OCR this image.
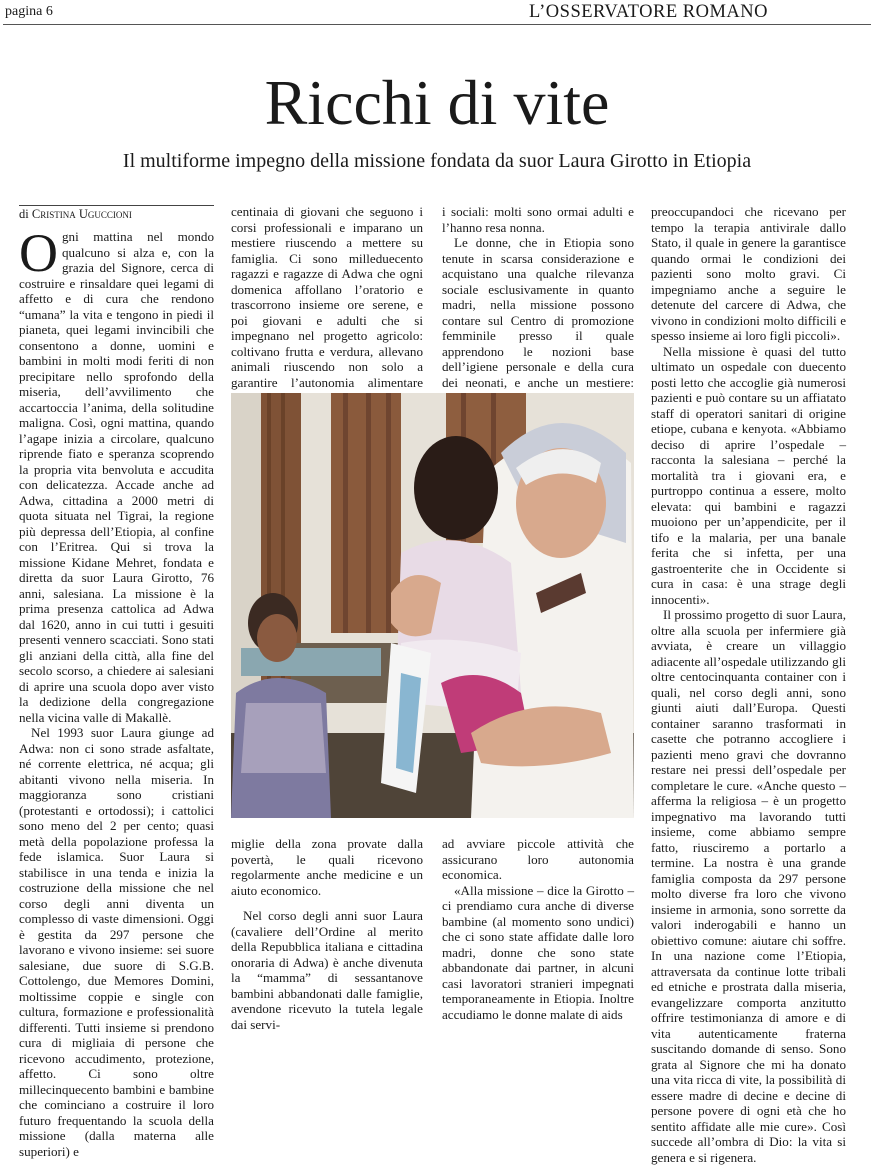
pagina 6	L’OSSERVATORE ROMANO
Ricchi di vite
Il multiforme impegno della missione fondata da suor Laura Girotto in Etiopia
di Cristina Uguccioni

Ogni mattina nel mondo qualcuno si alza e, con la grazia del Signore, cerca di costruire e rinsaldare quei legami di affetto e di cura che rendono “umana” la vita e tengono in piedi il pianeta, quei legami invincibili che consentono a donne, uomini e bambini in molti modi feriti di non precipitare nello sprofondo della miseria, dell’avvilimento che accartoccia l’anima, della solitudine maligna. Così, ogni mattina, quando l’agape inizia a circolare, qualcuno riprende fiato e speranza scoprendo la propria vita benvoluta e accudita con delicatezza. Accade anche ad Adwa, cittadina a 2000 metri di quota situata nel Tigrai, la regione più depressa dell’Etiopia, al confine con l’Eritrea. Qui si trova la missione Kidane Mehret, fondata e diretta da suor Laura Girotto, 76 anni, salesiana. La missione è la prima presenza cattolica ad Adwa dal 1620, anno in cui tutti i gesuiti presenti vennero scacciati. Sono stati gli anziani della città, alla fine del secolo scorso, a chiedere ai salesiani di aprire una scuola dopo aver visto la dedizione della congregazione nella vicina valle di Makallè.

Nel 1993 suor Laura giunge ad Adwa: non ci sono strade asfaltate, né corrente elettrica, né acqua; gli abitanti vivono nella miseria. In maggioranza sono cristiani (protestanti e ortodossi); i cattolici sono meno del 2 per cento; quasi metà della popolazione professa la fede islamica. Suor Laura si stabilisce in una tenda e inizia la costruzione della missione che nel corso degli anni diventa un complesso di vaste dimensioni. Oggi è gestita da 297 persone che lavorano e vivono insieme: sei suore salesiane, due suore di S.G.B. Cottolengo, due Memores Domini, moltissime coppie e single con cultura, formazione e professionalità differenti. Tutti insieme si prendono cura di migliaia di persone che ricevono accudimento, protezione, affetto. Ci sono oltre millecinquecento bambini e bambine che cominciano a costruire il loro futuro frequentando la scuola della missione (dalla materna alle superiori) e

centinaia di giovani che seguono i corsi professionali e imparano un mestiere riuscendo a mettere su famiglia. Ci sono milleduecento ragazzi e ragazze di Adwa che ogni domenica affollano l’oratorio e trascorrono insieme ore serene, e poi giovani e adulti che si impegnano nel progetto agricolo: coltivano frutta e verdura, allevano animali riuscendo non solo a garantire l’autonomia alimentare

i sociali: molti sono ormai adulti e l’hanno resa nonna.

Le donne, che in Etiopia sono tenute in scarsa considerazione e acquistano una qualche rilevanza sociale esclusivamente in quanto madri, nella missione possono contare sul Centro di promozione femminile presso il quale apprendono le nozioni base dell’igiene personale e della cura dei neonati, e anche un mestiere:

miglie della zona provate dalla povertà, le quali ricevono regolarmente anche medicine e un aiuto economico.

Nel corso degli anni suor Laura (cavaliere dell’Ordine al merito della Repubblica italiana e cittadina onoraria di Adwa) è anche divenuta la “mamma” di sessantanove bambini abbandonati dalle famiglie, avendone ricevuto la tutela legale dai servi-

ad avviare piccole attività che assicurano loro autonomia economica.

«Alla missione – dice la Girotto – ci prendiamo cura anche di diverse bambine (al momento sono undici) che ci sono state affidate dalle loro madri, donne che sono state abbandonate dai partner, in alcuni casi lavoratori stranieri impegnati temporaneamente in Etiopia. Inoltre accudiamo le donne malate di aids

preoccupandoci che ricevano per tempo la terapia antivirale dallo Stato, il quale in genere la garantisce quando ormai le condizioni dei pazienti sono molto gravi. Ci impegniamo anche a seguire le detenute del carcere di Adwa, che vivono in condizioni molto difficili e spesso insieme ai loro figli piccoli».

Nella missione è quasi del tutto ultimato un ospedale con duecento posti letto che accoglie già numerosi pazienti e può contare su un affiatato staff di operatori sanitari di origine etiope, cubana e kenyota. «Abbiamo deciso di aprire l’ospedale – racconta la salesiana – perché la mortalità tra i giovani era, e purtroppo continua a essere, molto elevata: qui bambini e ragazzi muoiono per un’appendicite, per il tifo e la malaria, per una banale ferita che si infetta, per una gastroenterite che in Occidente si cura in casa: è una strage degli innocenti».

Il prossimo progetto di suor Laura, oltre alla scuola per infermiere già avviata, è creare un villaggio adiacente all’ospedale utilizzando gli oltre centocinquanta container con i quali, nel corso degli anni, sono giunti aiuti dall’Europa. Questi container saranno trasformati in casette che potranno accogliere i pazienti meno gravi che dovranno restare nei pressi dell’ospedale per completare le cure. «Anche questo – afferma la religiosa – è un progetto impegnativo ma lavorando tutti insieme, come abbiamo sempre fatto, riusciremo a portarlo a termine. La nostra è una grande famiglia composta da 297 persone molto diverse fra loro che vivono insieme in armonia, sono sorrette da valori inderogabili e hanno un obiettivo comune: aiutare chi soffre. In una nazione come l’Etiopia, attraversata da continue lotte tribali ed etniche e prostrata dalla miseria, evangelizzare comporta anzitutto offrire testimonianza di amore e di vita autenticamente fraterna suscitando domande di senso. Sono grata al Signore che mi ha donato una vita ricca di vite, la possibilità di essere madre di decine e decine di persone povere di ogni età che ho sentito affidate alle mie cure». Così succede all’ombra di Dio: la vita si genera e si rigenera.
